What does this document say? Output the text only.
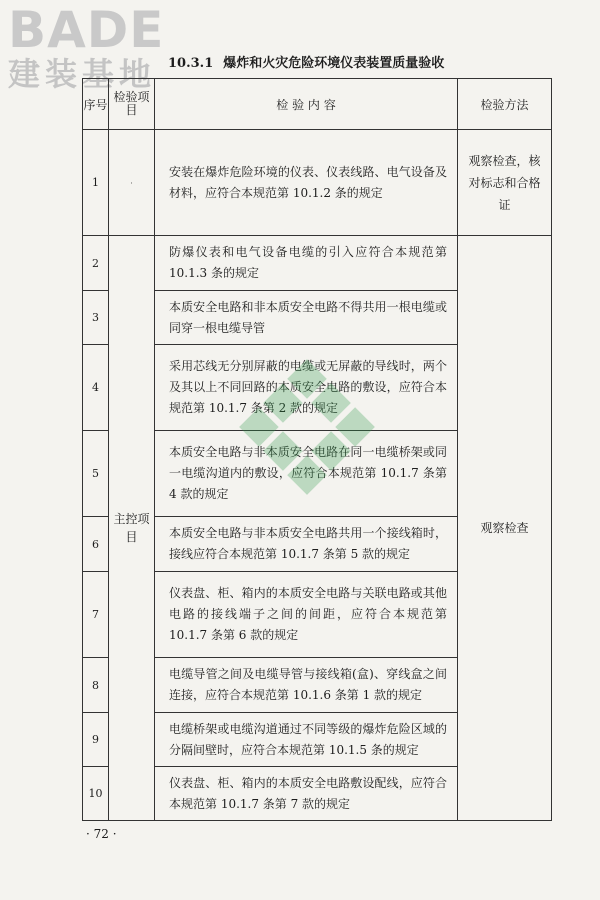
BADE
建装基地 10.3.1 爆炸和火灾危险环境仪表装置质量验收
序号	检验项目	检 验 内 容	检验方法
1	·	安装在爆炸危险环境的仪表、仪表线路、电气设备及材料，应符合本规范第 10.1.2 条的规定	观察检查，核对标志和合格证
2	主控项目	防爆仪表和电气设备电缆的引入应符合本规范第 10.1.3 条的规定	观察检查
3		本质安全电路和非本质安全电路不得共用一根电缆或同穿一根电缆导管	
4		采用芯线无分别屏蔽的电缆或无屏蔽的导线时，两个及其以上不同回路的本质安全电路的敷设，应符合本规范第 10.1.7 条第 2 款的规定	
5		本质安全电路与非本质安全电路在同一电缆桥架或同一电缆沟道内的敷设，应符合本规范第 10.1.7 条第 4 款的规定	
6		本质安全电路与非本质安全电路共用一个接线箱时，接线应符合本规范第 10.1.7 条第 5 款的规定	
7		仪表盘、柜、箱内的本质安全电路与关联电路或其他电路的接线端子之间的间距，应符合本规范第 10.1.7 条第 6 款的规定	
8		电缆导管之间及电缆导管与接线箱(盒)、穿线盒之间连接，应符合本规范第 10.1.6 条第 1 款的规定	
9		电缆桥架或电缆沟道通过不同等级的爆炸危险区域的分隔间壁时，应符合本规范第 10.1.5 条的规定	
10		仪表盘、柜、箱内的本质安全电路敷设配线，应符合本规范第 10.1.7 条第 7 款的规定	
· 72 ·
